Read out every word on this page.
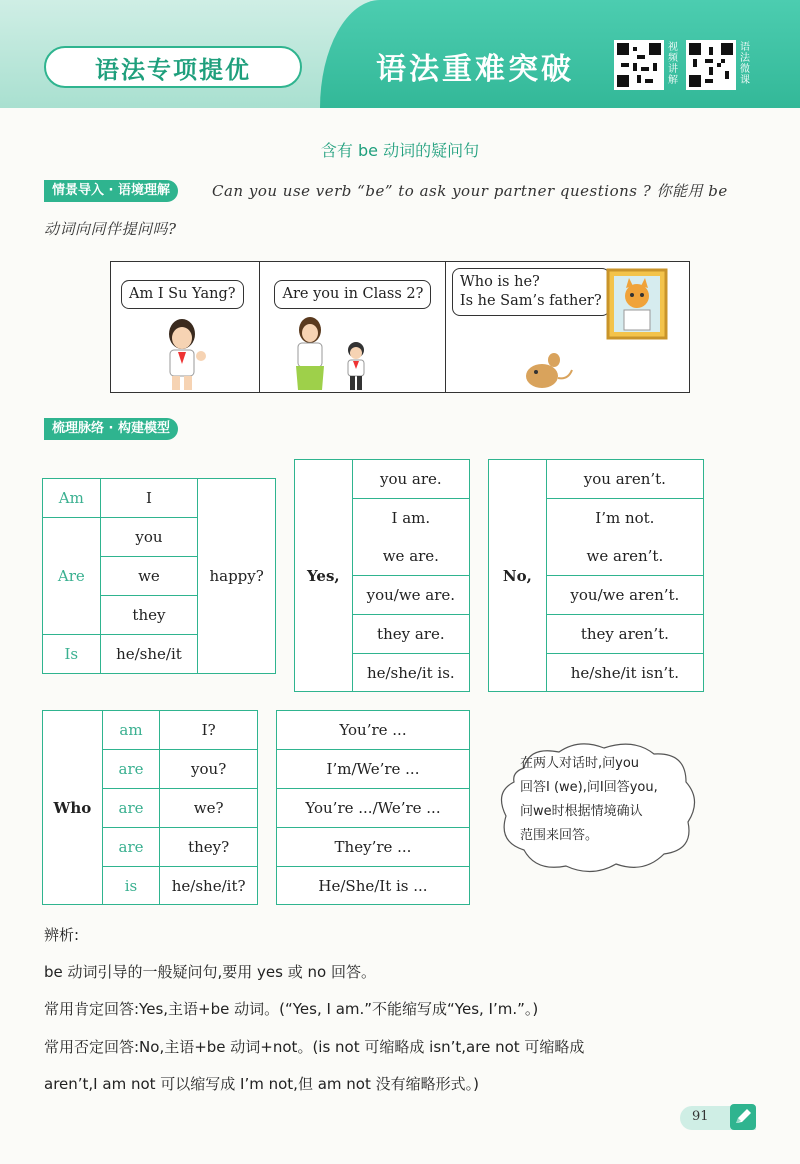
语法专项提优	语法重难突破
视频讲解
语法微课
含有 be 动词的疑问句
情景导入 · 语境理解	Can you use verb “be” to ask your partner questions ? 你能用 be
动词向同伴提问吗?
Am I Su Yang?	Are you in Class 2?
Who is he?
Is he Sam’s father?
梳理脉络 · 构建模型
Am	I	happy?
Are	you	
	we	
	they	
Is	he/she/it	
Yes,	you are.
I am.
we are.
you/we are.
they are.
he/she/it is.
No,	you aren’t.
I’m not.
we aren’t.
you/we aren’t.
they aren’t.
he/she/it isn’t.
Who	am	I?
	are	you?
	are	we?
	are	they?
	is	he/she/it?
You’re ...
I’m/We’re ...
You’re .../We’re ...
They’re ...
He/She/It is ...
在两人对话时,问you
回答I (we),问I回答you,
问we时根据情境确认
范围来回答。
辨析:
be 动词引导的一般疑问句,要用 yes 或 no 回答。
常用肯定回答:Yes,主语+be 动词。(“Yes, I am.”不能缩写成“Yes, I’m.”。)
常用否定回答:No,主语+be 动词+not。(is not 可缩略成 isn’t,are not 可缩略成
aren’t,I am not 可以缩写成 I’m not,但 am not 没有缩略形式。)
91
